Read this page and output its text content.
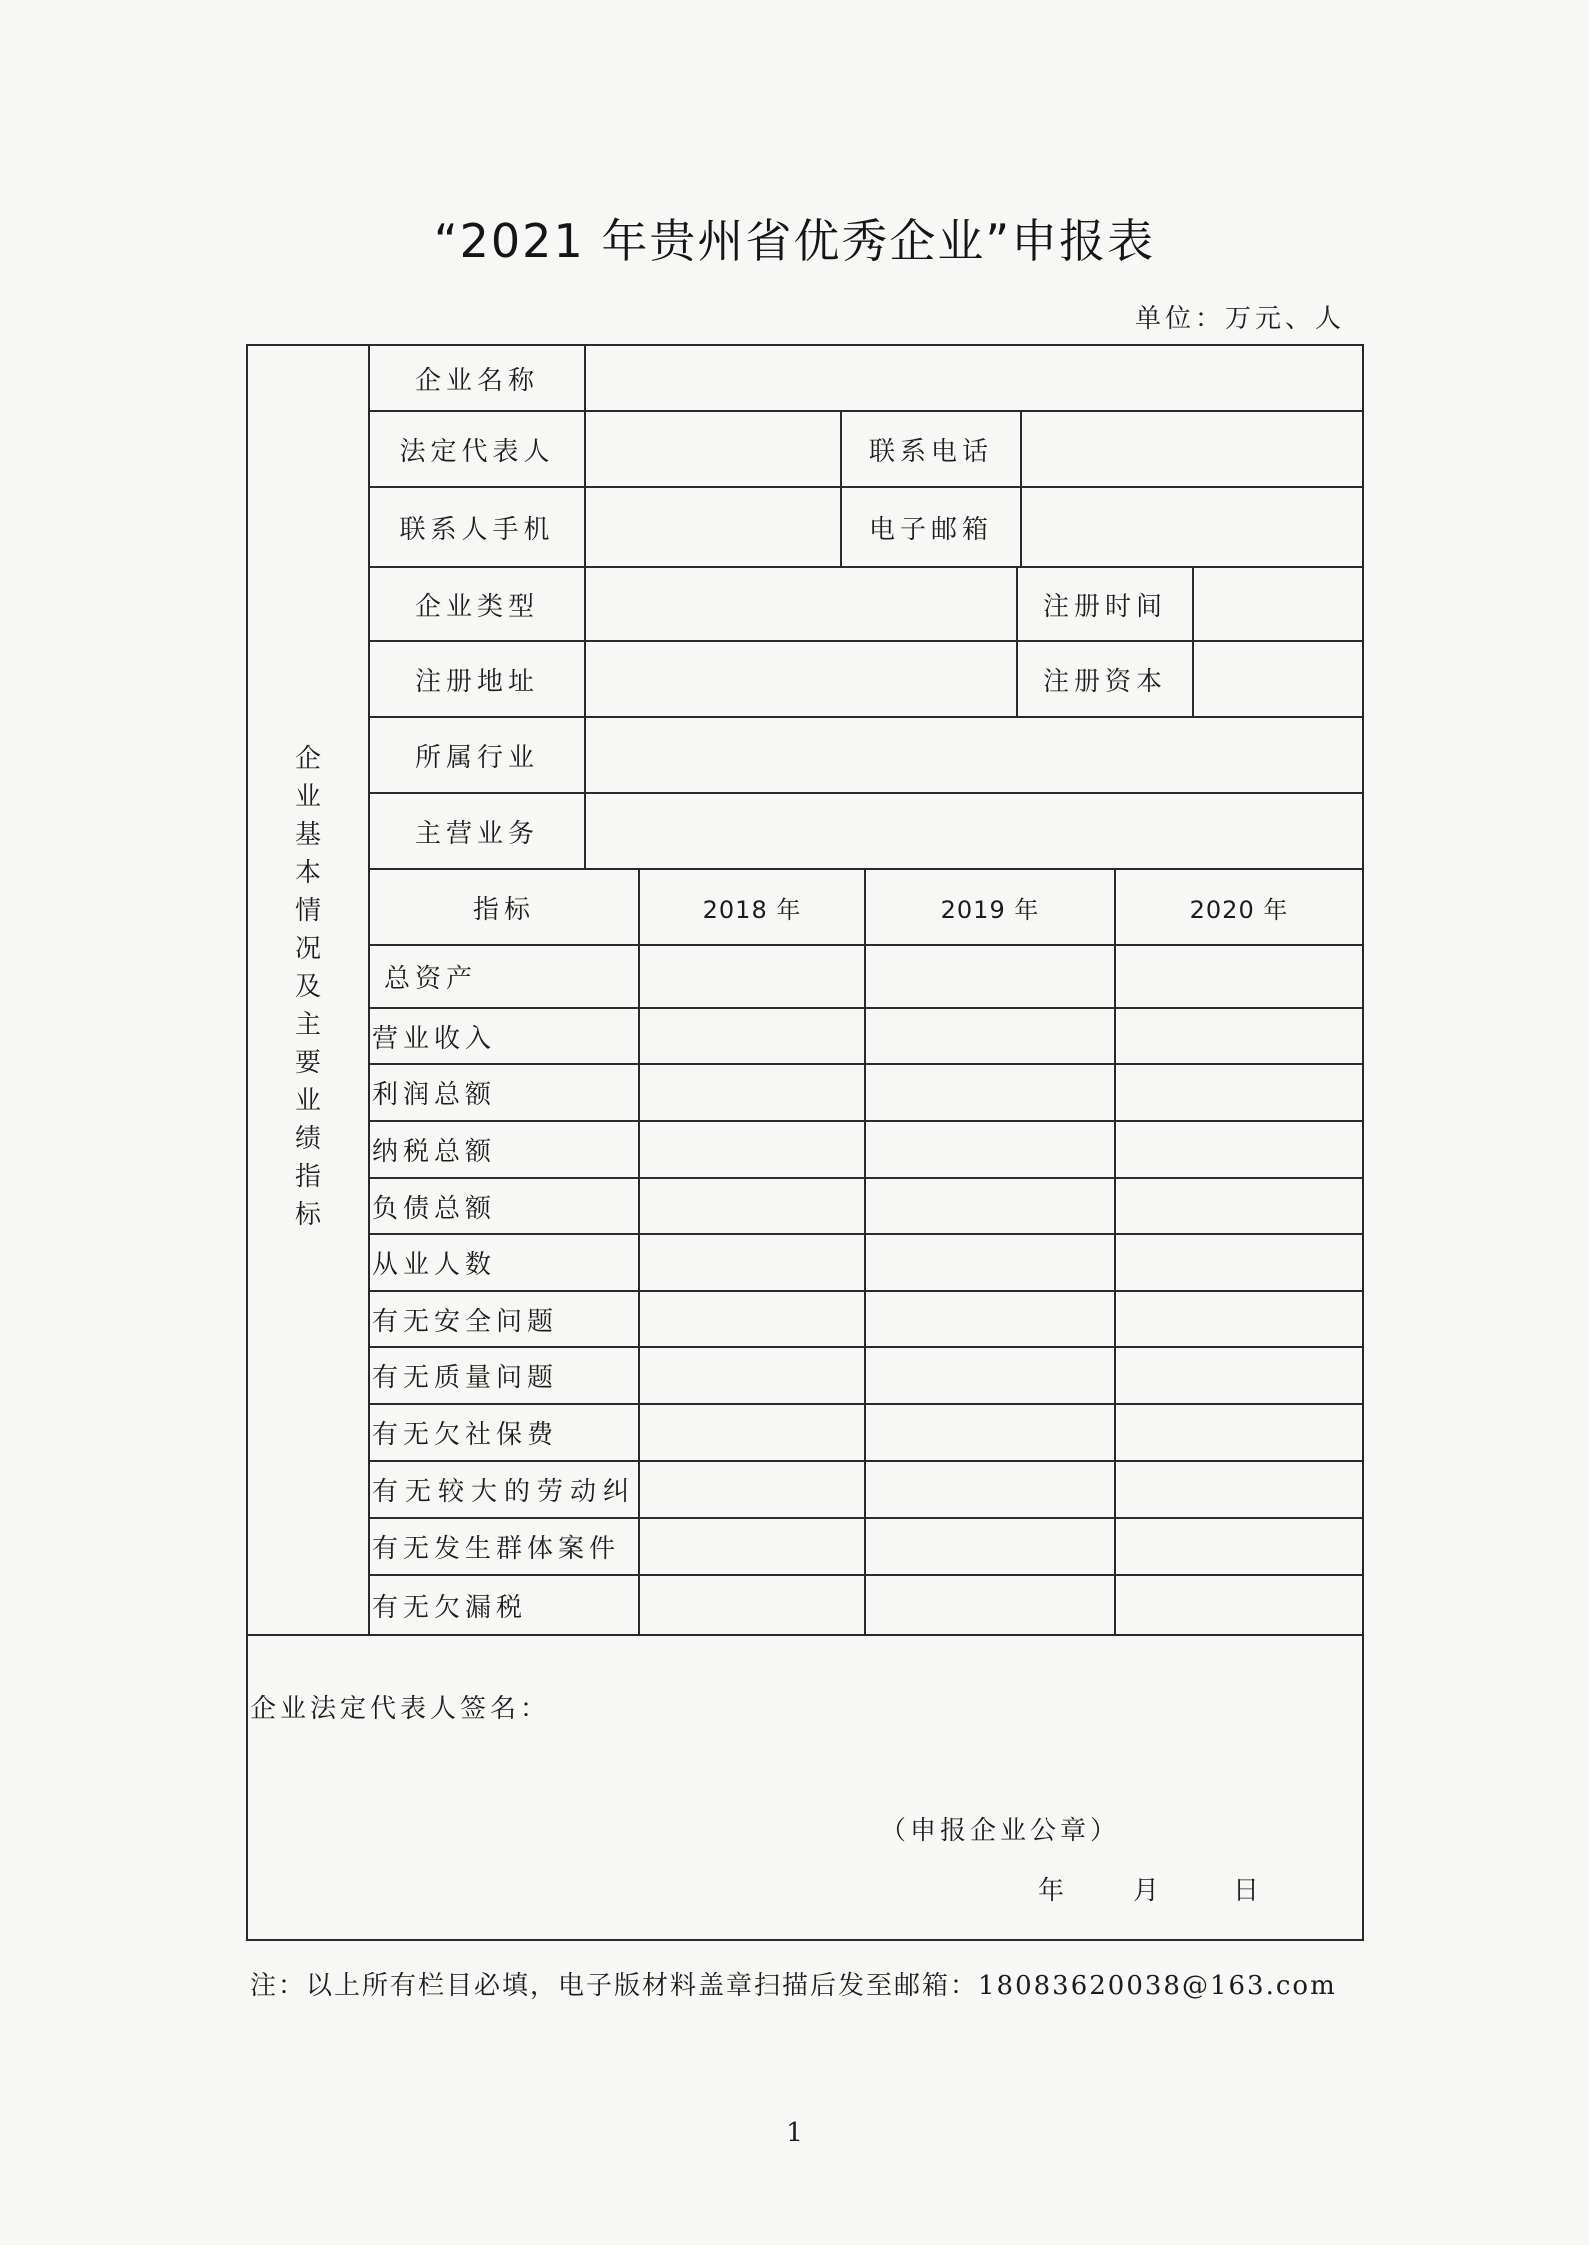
“2021 年贵州省优秀企业”申报表
单位：万元、人
企
业
基
本
情
况
及
主
要
业
绩
指
标
企业名称
法定代表人	联系电话
联系人手机	电子邮箱
企业类型	注册时间
注册地址	注册资本
所属行业
主营业务
指标	2018 年	2019 年	2020 年
总资产
营业收入
利润总额
纳税总额
负债总额
从业人数
有无安全问题
有无质量问题
有无欠社保费
有无较大的劳动纠
有无发生群体案件
有无欠漏税
企业法定代表人签名：
（申报企业公章）
年	月	日
注：以上所有栏目必填，电子版材料盖章扫描后发至邮箱：18083620038@163.com
1
